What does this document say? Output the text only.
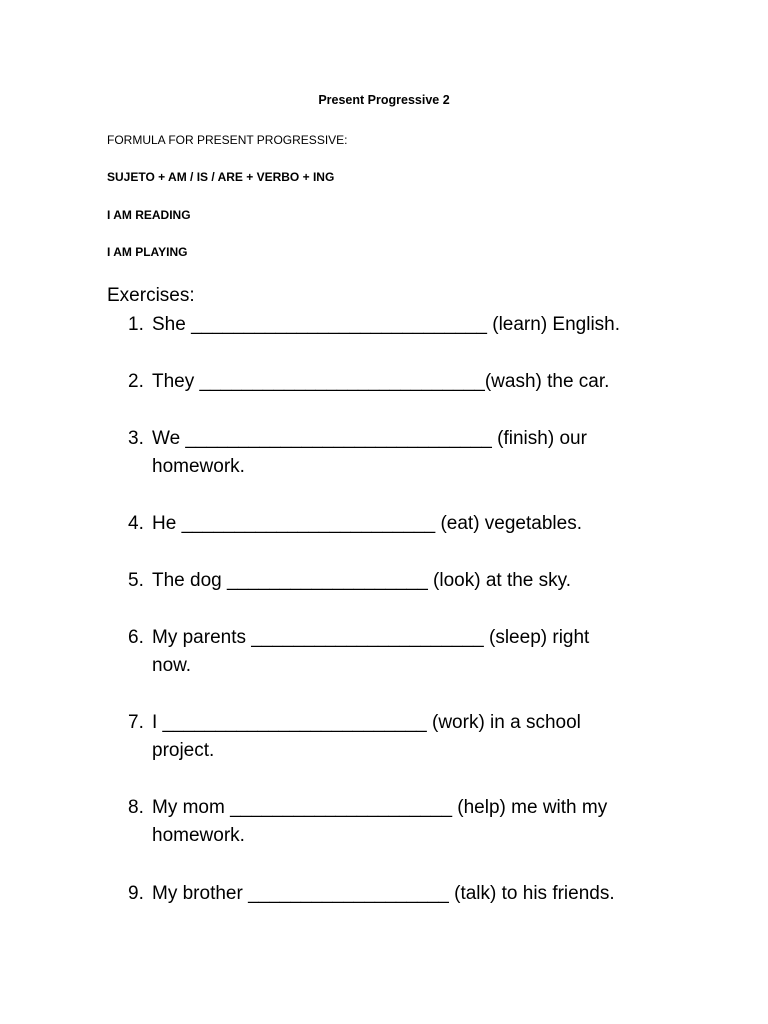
Present Progressive 2
FORMULA FOR PRESENT PROGRESSIVE:
SUJETO + AM / IS / ARE + VERBO + ING
I AM READING
I AM PLAYING
Exercises:
1. She ____________________________ (learn) English.
2. They ___________________________(wash) the car.
3. We _____________________________ (finish) our
homework.
4. He ________________________ (eat) vegetables.
5. The dog ___________________ (look) at the sky.
6. My parents ______________________ (sleep) right
now.
7. I _________________________ (work) in a school
project.
8. My mom _____________________ (help) me with my
homework.
9. My brother ___________________ (talk) to his friends.
